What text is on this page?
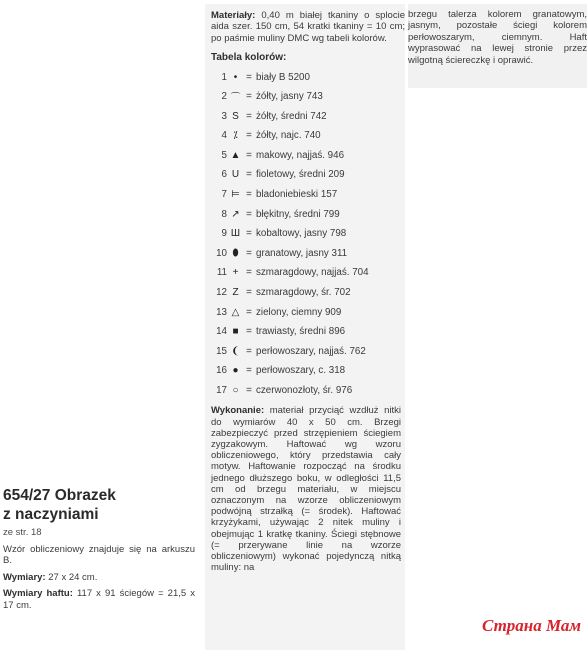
654/27 Obrazek
z naczyniami
ze str. 18
Wzór obliczeniowy znajduje się na arkuszu B.
Wymiary: 27 x 24 cm.
Wymiary haftu: 117 x 91 ściegów = 21,5 x 17 cm.
Materiały: 0,40 m białej tkaniny o splocie aida szer. 150 cm, 54 kratki tkaniny = 10 cm; po paśmie muliny DMC wg tabeli kolorów.
Tabela kolorów:
1 • = biały B 5200
2 ⌒ = żółty, jasny 743
3 S = żółty, średni 742
4 ⁒ = żółty, najc. 740
5 ▲ = makowy, najjaś. 946
6 U = fioletowy, średni 209
7 ⊨ = bladoniebieski 157
8 ↗ = błękitny, średni 799
9 Ш = kobaltowy, jasny 798
10 ⬮ = granatowy, jasny 311
11 + = szmaragdowy, najjaś. 704
12 Z = szmaragdowy, śr. 702
13 △ = zielony, ciemny 909
14 ■ = trawiasty, średni 896
15 ❨ = perłowoszary, najjaś. 762
16 ● = perłowoszary, c. 318
17 ○ = czerwonozłoty, śr. 976
Wykonanie: materiał przyciąć wzdłuż nitki do wymiarów 40 x 50 cm. Brzegi zabezpieczyć przed strzępieniem ściegiem zygzakowym. Haftować wg wzoru obliczeniowego, który przedstawia cały motyw. Haftowanie rozpocząć na środku jednego dłuższego boku, w odległości 11,5 cm od brzegu materiału, w miejscu oznaczonym na wzorze obliczeniowym podwójną strzałką (= środek). Haftować krzyżykami, używając 2 nitek muliny i obejmując 1 kratkę tkaniny. Ściegi stębnowe (= przerywane linie na wzorze obliczeniowym) wykonać pojedynczą nitką muliny: na
brzegu talerza kolorem granatowym, jasnym, pozostałe ściegi kolorem perłowoszarym, ciemnym. Haft wyprasować na lewej stronie przez wilgotną ściereczkę i oprawić.
Страна Мам
